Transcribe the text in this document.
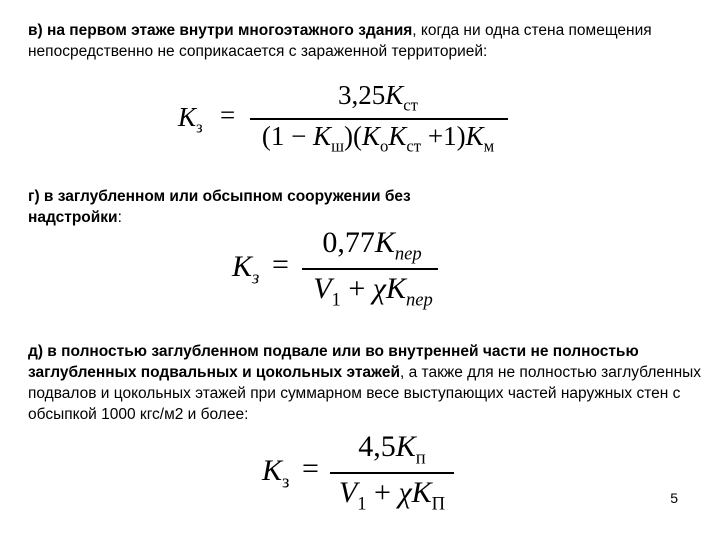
в) на первом этаже внутри многоэтажного здания, когда ни одна стена помещения непосредственно не соприкасается с зараженной территорией:

$K_з$ =
$3,25K_{ст}$
$(1 - K_ш)(K_оK_{ст} +1)K_м$

г) в заглубленном или обсыпном сооружении без надстройки:

$K_з$ =
$0,77K_{пер}$
$V_1 + \chi K_{пер}$

д) в полностью заглубленном подвале или во внутренней части не полностью заглубленных подвальных и цокольных этажей, а также для не полностью заглубленных подвалов и цокольных этажей при суммарном весе выступающих частей наружных стен с обсыпкой 1000 кгс/м2 и более:

$K_з$ =
$4,5K_п$
$V_1 + \chi K_П$	5
